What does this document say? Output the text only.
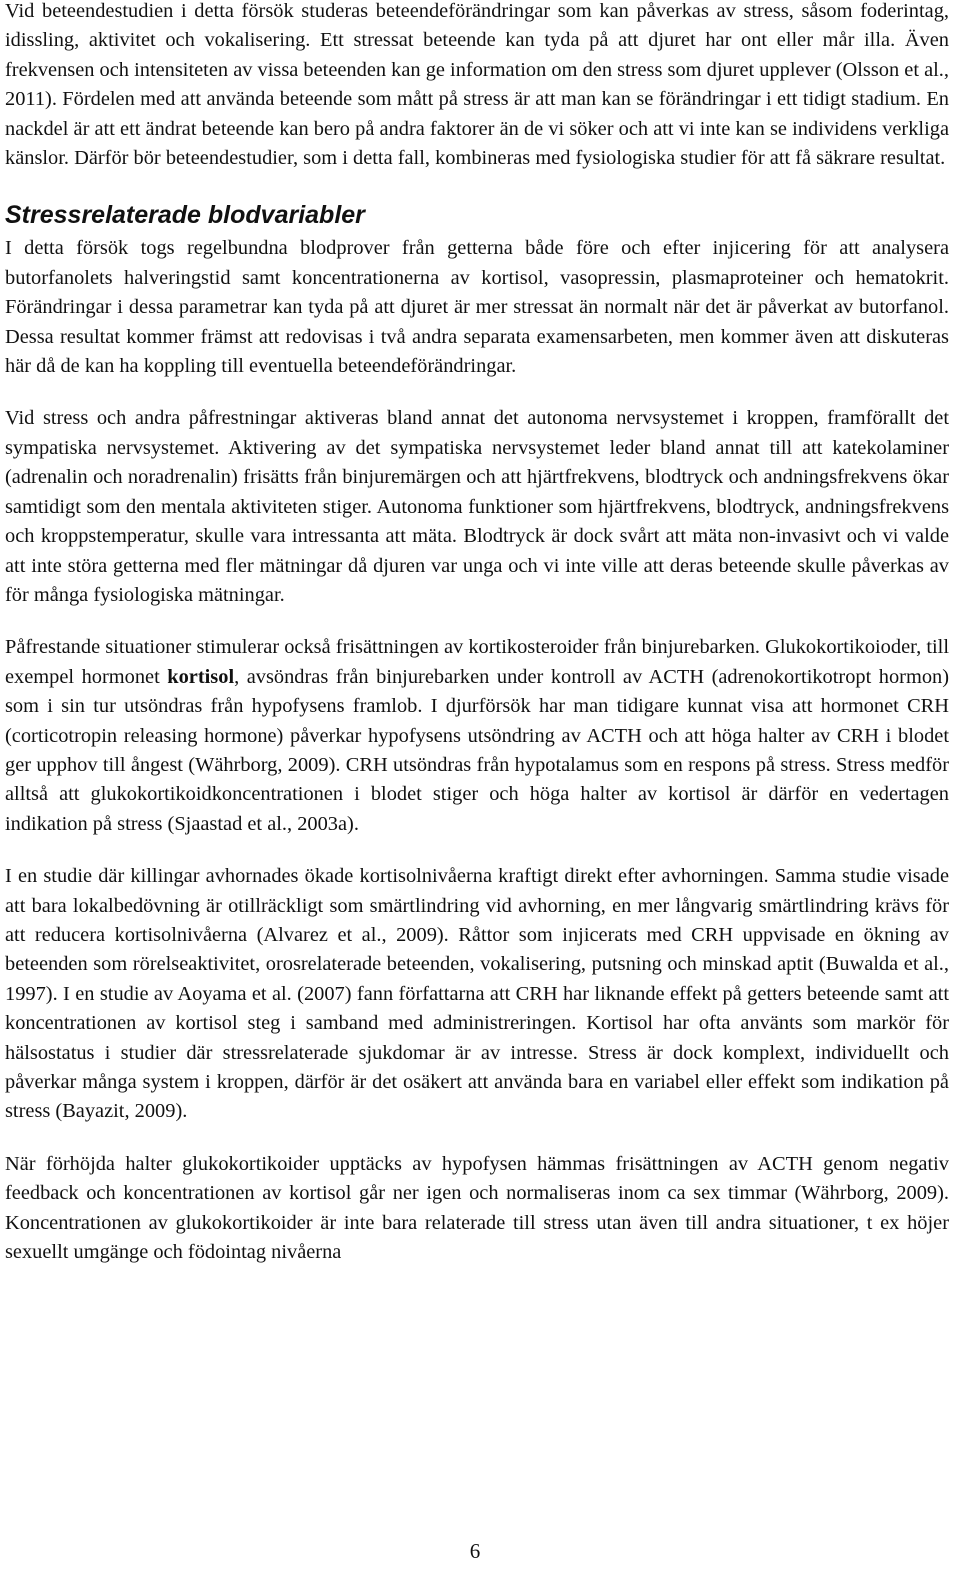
Vid beteendestudien i detta försök studeras beteendeförändringar som kan påverkas av stress, såsom foderintag, idissling, aktivitet och vokalisering. Ett stressat beteende kan tyda på att djuret har ont eller mår illa. Även frekvensen och intensiteten av vissa beteenden kan ge information om den stress som djuret upplever (Olsson et al., 2011). Fördelen med att använda beteende som mått på stress är att man kan se förändringar i ett tidigt stadium. En nackdel är att ett ändrat beteende kan bero på andra faktorer än de vi söker och att vi inte kan se individens verkliga känslor. Därför bör beteendestudier, som i detta fall, kombineras med fysiologiska studier för att få säkrare resultat.

Stressrelaterade blodvariabler

I detta försök togs regelbundna blodprover från getterna både före och efter injicering för att analysera butorfanolets halveringstid samt koncentrationerna av kortisol, vasopressin, plasmaproteiner och hematokrit. Förändringar i dessa parametrar kan tyda på att djuret är mer stressat än normalt när det är påverkat av butorfanol. Dessa resultat kommer främst att redovisas i två andra separata examensarbeten, men kommer även att diskuteras här då de kan ha koppling till eventuella beteendeförändringar.

Vid stress och andra påfrestningar aktiveras bland annat det autonoma nervsystemet i kroppen, framförallt det sympatiska nervsystemet. Aktivering av det sympatiska nervsystemet leder bland annat till att katekolaminer (adrenalin och noradrenalin) frisätts från binjuremärgen och att hjärtfrekvens, blodtryck och andningsfrekvens ökar samtidigt som den mentala aktiviteten stiger. Autonoma funktioner som hjärtfrekvens, blodtryck, andningsfrekvens och kroppstemperatur, skulle vara intressanta att mäta. Blodtryck är dock svårt att mäta non-invasivt och vi valde att inte störa getterna med fler mätningar då djuren var unga och vi inte ville att deras beteende skulle påverkas av för många fysiologiska mätningar.

Påfrestande situationer stimulerar också frisättningen av kortikosteroider från binjurebarken. Glukokortikoioder, till exempel hormonet kortisol, avsöndras från binjurebarken under kontroll av ACTH (adrenokortikotropt hormon) som i sin tur utsöndras från hypofysens framlob. I djurförsök har man tidigare kunnat visa att hormonet CRH (corticotropin releasing hormone) påverkar hypofysens utsöndring av ACTH och att höga halter av CRH i blodet ger upphov till ångest (Währborg, 2009). CRH utsöndras från hypotalamus som en respons på stress. Stress medför alltså att glukokortikoidkoncentrationen i blodet stiger och höga halter av kortisol är därför en vedertagen indikation på stress (Sjaastad et al., 2003a).

I en studie där killingar avhornades ökade kortisolnivåerna kraftigt direkt efter avhorningen. Samma studie visade att bara lokalbedövning är otillräckligt som smärtlindring vid avhorning, en mer långvarig smärtlindring krävs för att reducera kortisolnivåerna (Alvarez et al., 2009). Råttor som injicerats med CRH uppvisade en ökning av beteenden som rörelseaktivitet, orosrelaterade beteenden, vokalisering, putsning och minskad aptit (Buwalda et al., 1997). I en studie av Aoyama et al. (2007) fann författarna att CRH har liknande effekt på getters beteende samt att koncentrationen av kortisol steg i samband med administreringen. Kortisol har ofta använts som markör för hälsostatus i studier där stressrelaterade sjukdomar är av intresse. Stress är dock komplext, individuellt och påverkar många system i kroppen, därför är det osäkert att använda bara en variabel eller effekt som indikation på stress (Bayazit, 2009).

När förhöjda halter glukokortikoider upptäcks av hypofysen hämmas frisättningen av ACTH genom negativ feedback och koncentrationen av kortisol går ner igen och normaliseras inom ca sex timmar (Währborg, 2009). Koncentrationen av glukokortikoider är inte bara relaterade till stress utan även till andra situationer, t ex höjer sexuellt umgänge och födointag nivåerna

6
